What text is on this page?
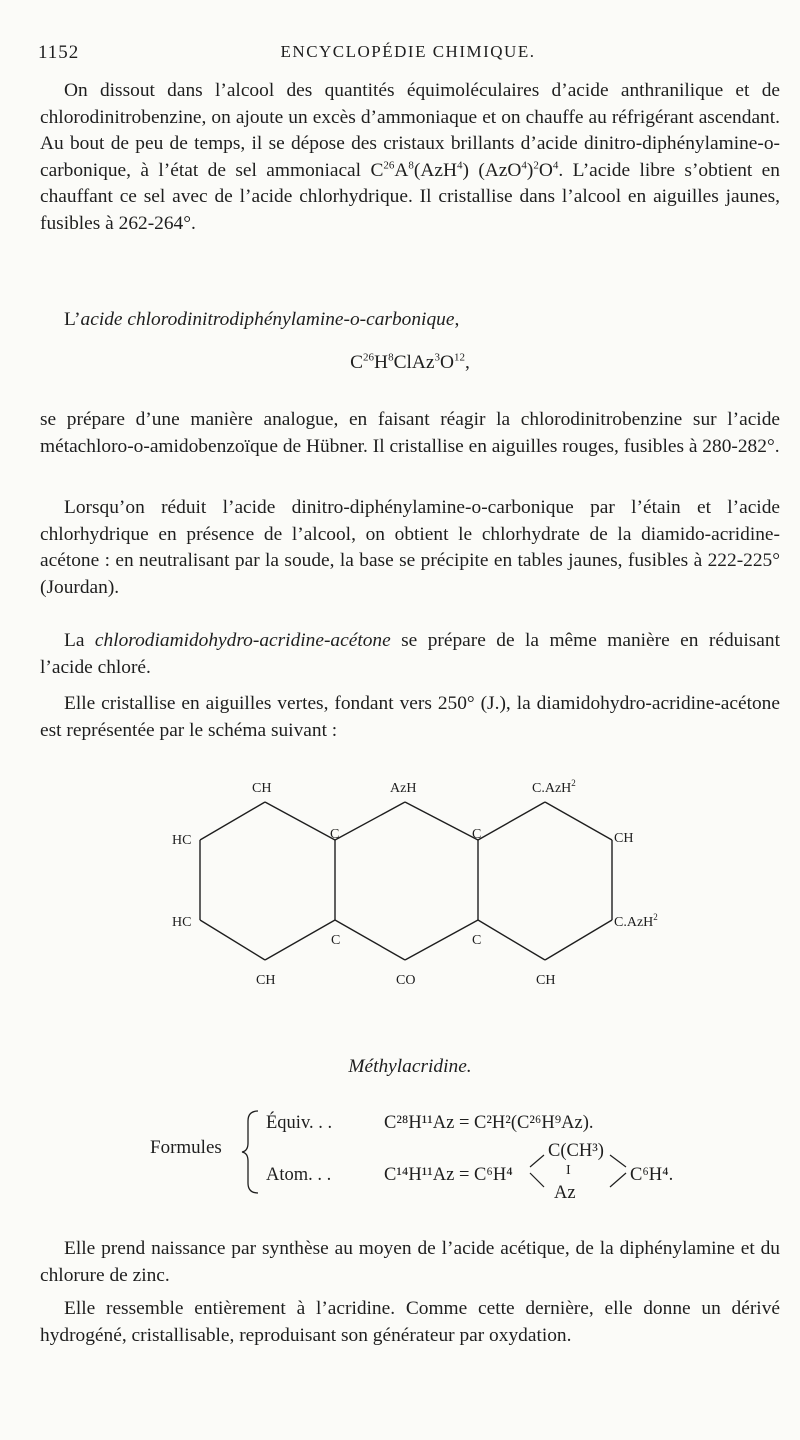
1152	ENCYCLOPÉDIE CHIMIQUE.

On dissout dans l’alcool des quantités équimoléculaires d’acide anthranilique et de chlorodinitrobenzine, on ajoute un excès d’ammoniaque et on chauffe au réfrigérant ascendant. Au bout de peu de temps, il se dépose des cristaux brillants d’acide dinitro-diphénylamine-o-carbonique, à l’état de sel ammoniacal $C^{26}A^8(AzH^4)$ $(AzO^4)^2O^4$. L’acide libre s’obtient en chauffant ce sel avec de l’acide chlorhydrique. Il cristallise dans l’alcool en aiguilles jaunes, fusibles à 262-264°.

L’acide chlorodinitrodiphénylamine-o-carbonique,

$C^{26}H^8ClAz^3O^{12}$,

se prépare d’une manière analogue, en faisant réagir la chlorodinitrobenzine sur l’acide métachloro-o-amidobenzoïque de Hübner. Il cristallise en aiguilles rouges, fusibles à 280-282°.

Lorsqu’on réduit l’acide dinitro-diphénylamine-o-carbonique par l’étain et l’acide chlorhydrique en présence de l’alcool, on obtient le chlorhydrate de la diamido-acridine-acétone : en neutralisant par la soude, la base se précipite en tables jaunes, fusibles à 222-225° (Jourdan).

La chlorodiamidohydro-acridine-acétone se prépare de la même manière en réduisant l’acide chloré.

Elle cristallise en aiguilles vertes, fondant vers 250° (J.), la diamidohydro-acridine-acétone est représentée par le schéma suivant :

CH	AzH	C.AzH$^2$
HC	C	C	CH
HC
C	C
C.AzH$^2$
CH	CO	CH
Méthylacridine.
Formules
Équiv. . .	C²⁸H¹¹Az = C²H²(C²⁶H⁹Az).
Atom. . .	C¹⁴H¹¹Az = C⁶H⁴
C(CH³)
I
Az
C⁶H⁴.

Elle prend naissance par synthèse au moyen de l’acide acétique, de la diphénylamine et du chlorure de zinc.

Elle ressemble entièrement à l’acridine. Comme cette dernière, elle donne un dérivé hydrogéné, cristallisable, reproduisant son générateur par oxydation.
